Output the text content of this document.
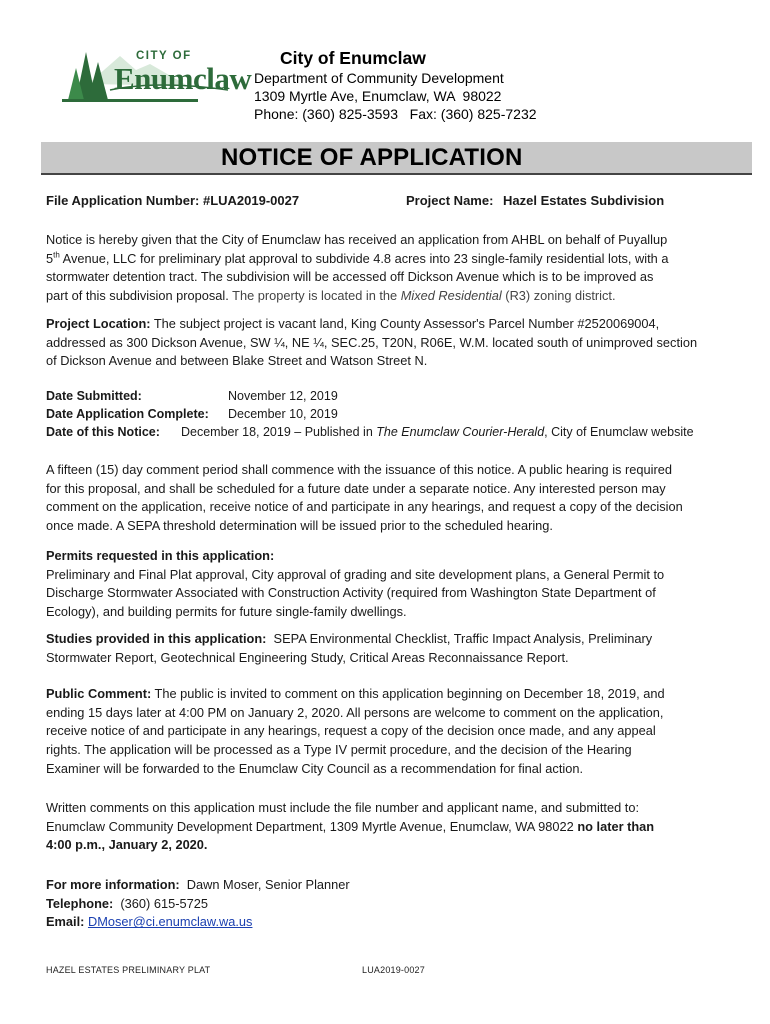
CITY OF
Enumclaw
City of Enumclaw
Department of Community Development
1309 Myrtle Ave, Enumclaw, WA  98022
Phone: (360) 825-3593   Fax: (360) 825-7232
NOTICE OF APPLICATION
File Application Number: #LUA2019-0027	Project Name: Hazel Estates Subdivision
Notice is hereby given that the City of Enumclaw has received an application from AHBL on behalf of Puyallup
5th Avenue, LLC for preliminary plat approval to subdivide 4.8 acres into 23 single-family residential lots, with a
stormwater detention tract. The subdivision will be accessed off Dickson Avenue which is to be improved as
part of this subdivision proposal. The property is located in the Mixed Residential (R3) zoning district.
Project Location: The subject project is vacant land, King County Assessor's Parcel Number #2520069004,
addressed as 300 Dickson Avenue, SW ¼, NE ¼, SEC.25, T20N, R06E, W.M. located south of unimproved section
of Dickson Avenue and between Blake Street and Watson Street N.
Date Submitted:	November 12, 2019
Date Application Complete: December 10, 2019
Date of this Notice: December 18, 2019 – Published in The Enumclaw Courier-Herald, City of Enumclaw website
A fifteen (15) day comment period shall commence with the issuance of this notice. A public hearing is required
for this proposal, and shall be scheduled for a future date under a separate notice. Any interested person may
comment on the application, receive notice of and participate in any hearings, and request a copy of the decision
once made. A SEPA threshold determination will be issued prior to the scheduled hearing.
Permits requested in this application:
Preliminary and Final Plat approval, City approval of grading and site development plans, a General Permit to
Discharge Stormwater Associated with Construction Activity (required from Washington State Department of
Ecology), and building permits for future single-family dwellings.
Studies provided in this application:  SEPA Environmental Checklist, Traffic Impact Analysis, Preliminary
Stormwater Report, Geotechnical Engineering Study, Critical Areas Reconnaissance Report.
Public Comment: The public is invited to comment on this application beginning on December 18, 2019, and
ending 15 days later at 4:00 PM on January 2, 2020. All persons are welcome to comment on the application,
receive notice of and participate in any hearings, request a copy of the decision once made, and any appeal
rights. The application will be processed as a Type IV permit procedure, and the decision of the Hearing
Examiner will be forwarded to the Enumclaw City Council as a recommendation for final action.
Written comments on this application must include the file number and applicant name, and submitted to:
Enumclaw Community Development Department, 1309 Myrtle Avenue, Enumclaw, WA 98022 no later than
4:00 p.m., January 2, 2020.
For more information:  Dawn Moser, Senior Planner
Telephone:  (360) 615-5725
Email: DMoser@ci.enumclaw.wa.us
HAZEL ESTATES PRELIMINARY PLAT	LUA2019-0027
